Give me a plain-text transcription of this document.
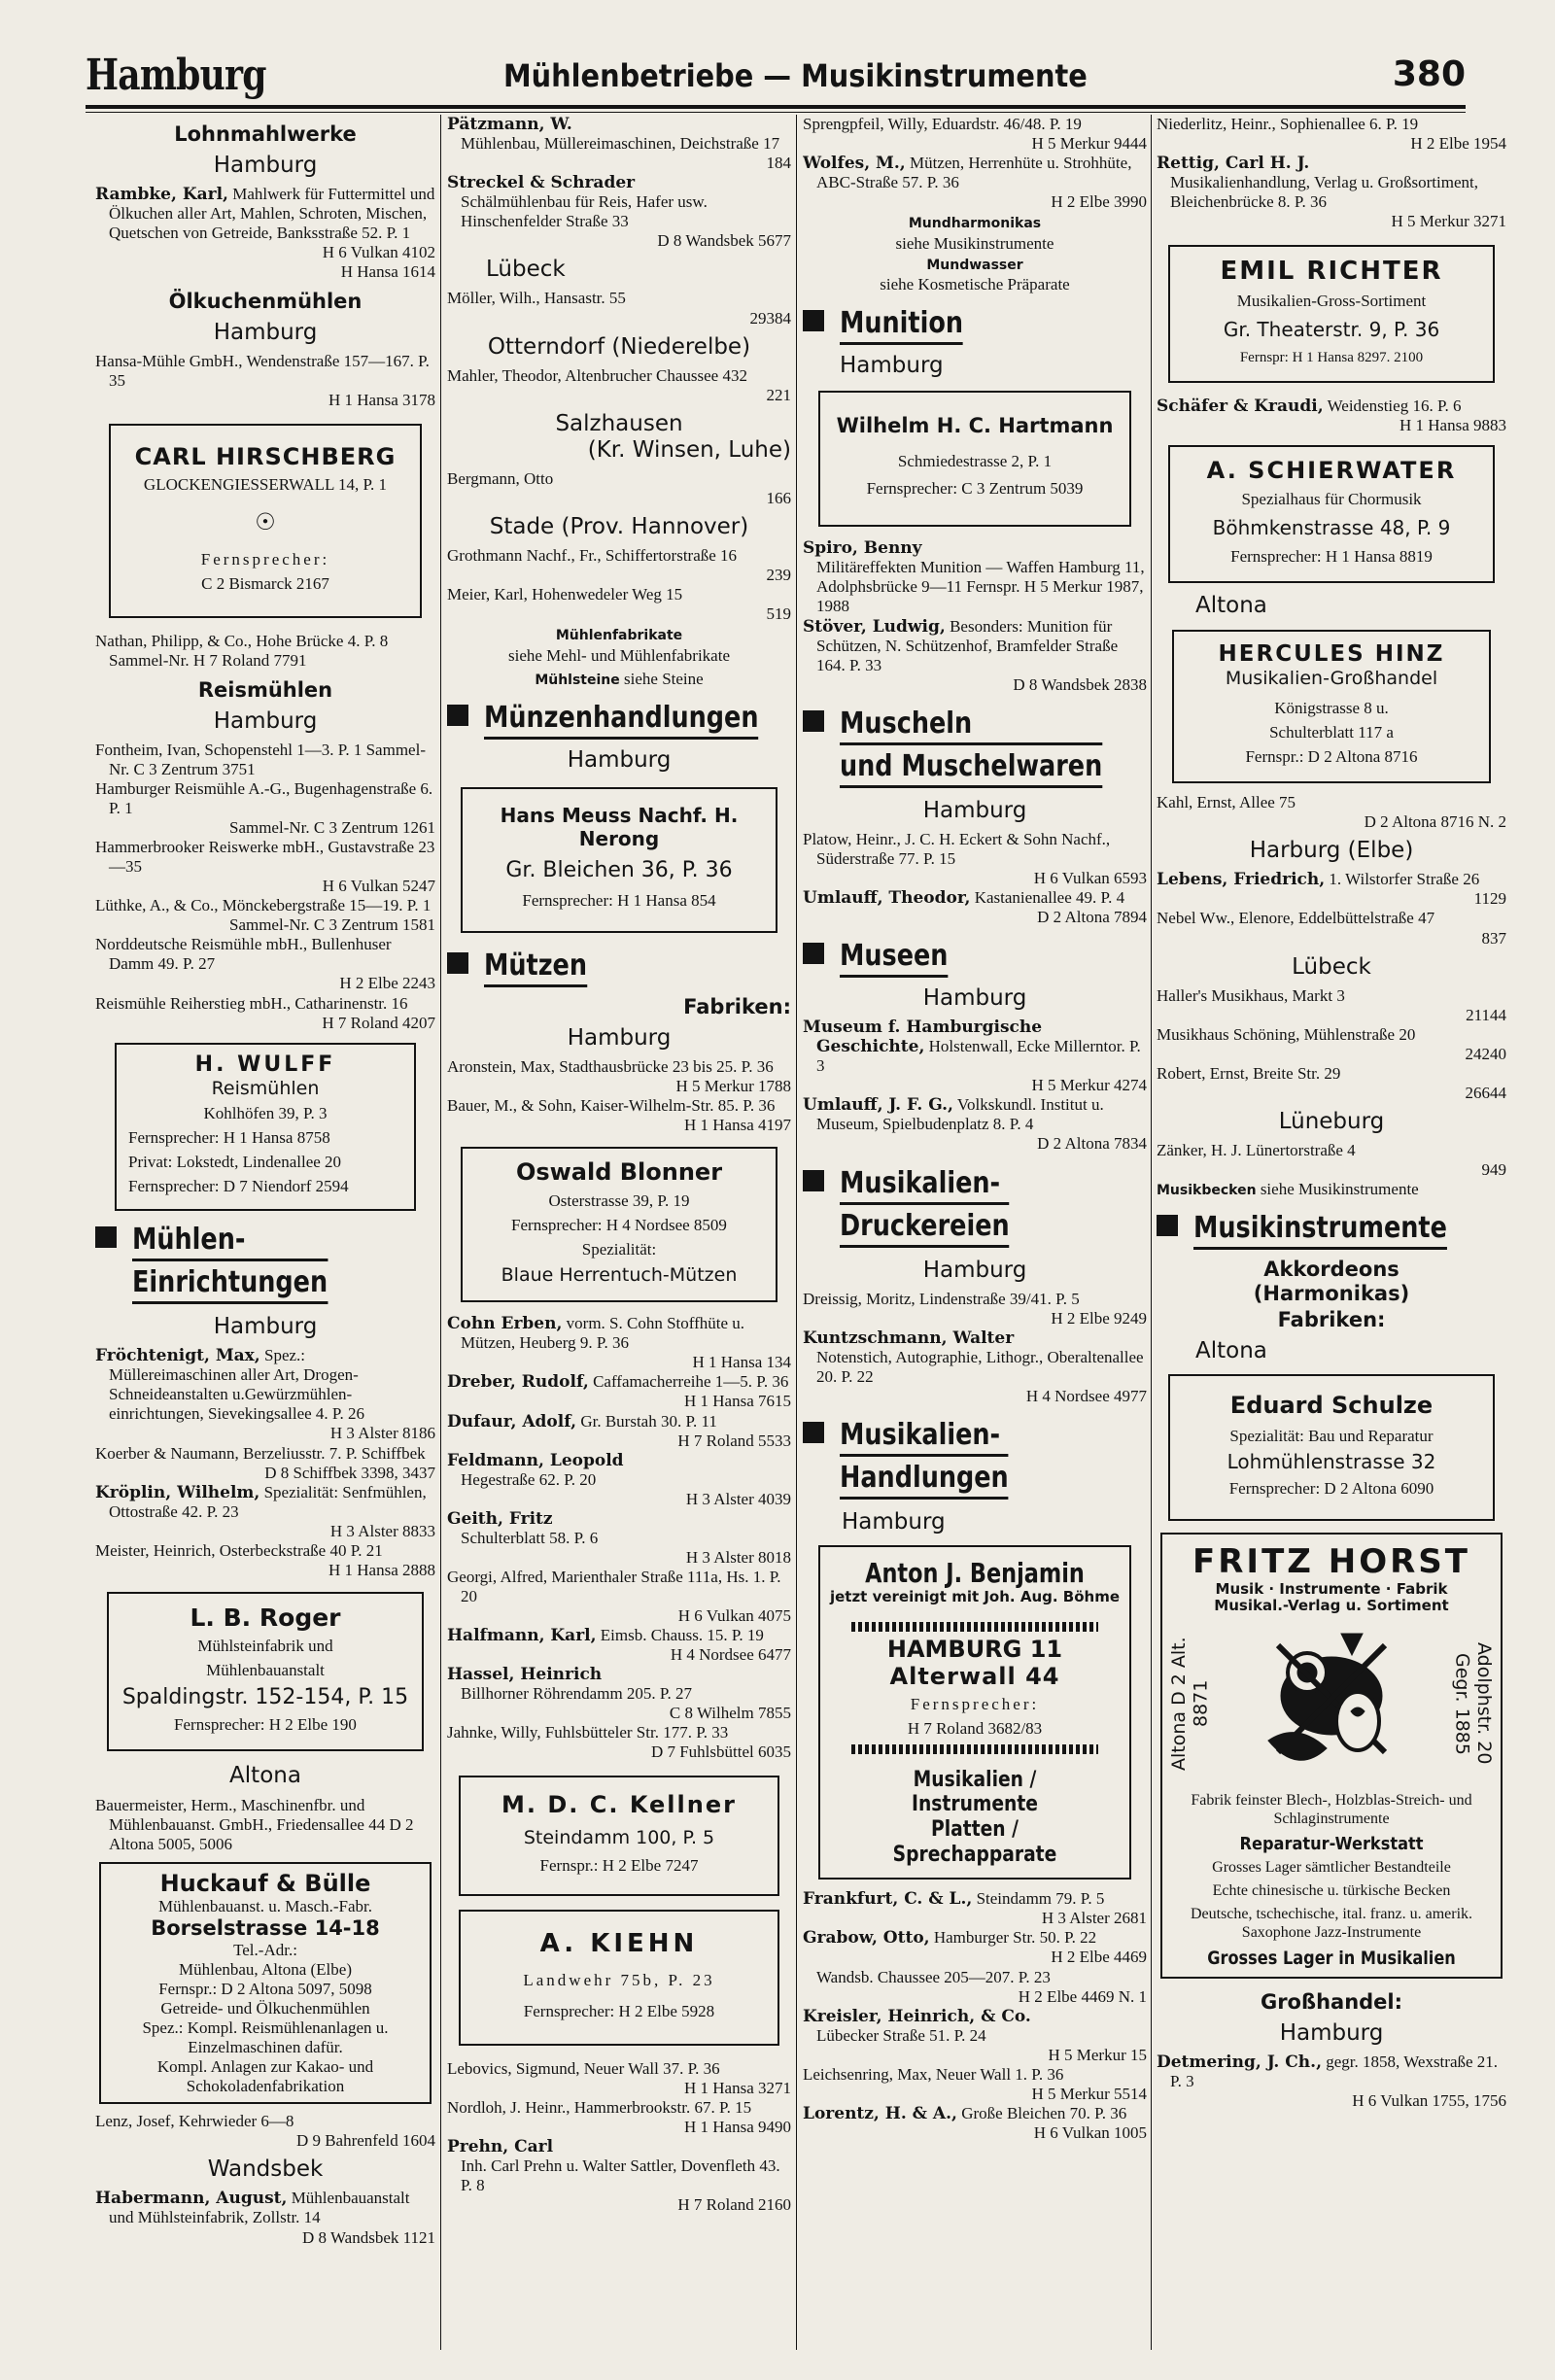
Hamburg	Mühlenbetriebe — Musikinstrumente	380
Lohnmahlwerke
Hamburg

Rambke, Karl, Mahlwerk für Futtermittel und Ölkuchen aller Art, Mahlen, Schroten, Mischen, Quetschen von Getreide, Banksstraße 52. P. 1
H 6 Vulkan 4102
H Hansa 1614

Ölkuchenmühlen
Hamburg

Hansa-Mühle GmbH., Wendenstraße 157—167. P. 35
H 1 Hansa 3178

CARL HIRSCHBERG
GLOCKENGIESSERWALL 14, P. 1
☉
Fernsprecher:
C 2 Bismarck 2167

Nathan, Philipp, & Co., Hohe Brücke 4. P. 8 Sammel-Nr. H 7 Roland 7791

Reismühlen
Hamburg

Fontheim, Ivan, Schopenstehl 1—3. P. 1 Sammel-Nr. C 3 Zentrum 3751

Hamburger Reismühle A.-G., Bugenhagenstraße 6. P. 1
Sammel-Nr. C 3 Zentrum 1261

Hammerbrooker Reiswerke mbH., Gustavstraße 23—35
H 6 Vulkan 5247

Lüthke, A., & Co., Mönckebergstraße 15—19. P. 1
Sammel-Nr. C 3 Zentrum 1581

Norddeutsche Reismühle mbH., Bullenhuser Damm 49. P. 27
H 2 Elbe 2243

Reismühle Reiherstieg mbH., Catharinenstr. 16
H 7 Roland 4207

H. WULFF
Reismühlen
Kohlhöfen 39, P. 3
Fernsprecher: H 1 Hansa 8758
Privat: Lokstedt, Lindenallee 20
Fernsprecher: D 7 Niendorf 2594
Mühlen-
Einrichtungen
Hamburg

Fröchtenigt, Max, Spez.: Müllereimaschinen aller Art, Drogen-Schneideanstalten u.Gewürzmühlen-einrichtungen, Sievekingsallee 4. P. 26
H 3 Alster 8186

Koerber & Naumann, Berzeliusstr. 7. P. Schiffbek
D 8 Schiffbek 3398, 3437

Kröplin, Wilhelm, Spezialität: Senfmühlen, Ottostraße 42. P. 23
H 3 Alster 8833

Meister, Heinrich, Osterbeckstraße 40 P. 21
H 1 Hansa 2888

L. B. Roger
Mühlsteinfabrik und
Mühlenbauanstalt
Spaldingstr. 152-154, P. 15
Fernsprecher: H 2 Elbe 190
Altona

Bauermeister, Herm., Maschinenfbr. und Mühlenbauanst. GmbH., Friedensallee 44 D 2 Altona 5005, 5006

Huckauf & Bülle
Mühlenbauanst. u. Masch.-Fabr.
Borselstrasse 14-18
Tel.-Adr.:
Mühlenbau, Altona (Elbe)
Fernspr.: D 2 Altona 5097, 5098
Getreide- und Ölkuchenmühlen
Spez.: Kompl. Reismühlenanlagen u. Einzelmaschinen dafür.
Kompl. Anlagen zur Kakao- und Schokoladenfabrikation

Lenz, Josef, Kehrwieder 6—8
D 9 Bahrenfeld 1604

Wandsbek

Habermann, August, Mühlenbauanstalt und Mühlsteinfabrik, Zollstr. 14
D 8 Wandsbek 1121

Pätzmann, W.
Mühlenbau, Müllereimaschinen, Deichstraße 17
184

Streckel & Schrader
Schälmühlenbau für Reis, Hafer usw. Hinschenfelder Straße 33
D 8 Wandsbek 5677

Lübeck

Möller, Wilh., Hansastr. 55
29384

Otterndorf (Niederelbe)

Mahler, Theodor, Altenbrucher Chaussee 432
221

Salzhausen
(Kr. Winsen, Luhe)

Bergmann, Otto
166

Stade (Prov. Hannover)

Grothmann Nachf., Fr., Schiffertorstraße 16
239

Meier, Karl, Hohenwedeler Weg 15
519

Mühlenfabrikate
siehe Mehl- und Mühlenfabrikate
Mühlsteine siehe Steine
Münzenhandlungen
Hamburg
Hans Meuss Nachf. H. Nerong
Gr. Bleichen 36, P. 36
Fernsprecher: H 1 Hansa 854
Mützen
Fabriken:
Hamburg

Aronstein, Max, Stadthausbrücke 23 bis 25. P. 36
H 5 Merkur 1788

Bauer, M., & Sohn, Kaiser-Wilhelm-Str. 85. P. 36
H 1 Hansa 4197

Oswald Blonner
Osterstrasse 39, P. 19
Fernsprecher: H 4 Nordsee 8509
Spezialität:
Blaue Herrentuch-Mützen

Cohn Erben, vorm. S. Cohn Stoffhüte u. Mützen, Heuberg 9. P. 36
H 1 Hansa 134

Dreber, Rudolf, Caffamacherreihe 1—5. P. 36
H 1 Hansa 7615

Dufaur, Adolf, Gr. Burstah 30. P. 11
H 7 Roland 5533

Feldmann, Leopold
Hegestraße 62. P. 20
H 3 Alster 4039

Geith, Fritz
Schulterblatt 58. P. 6
H 3 Alster 8018

Georgi, Alfred, Marienthaler Straße 111a, Hs. 1. P. 20
H 6 Vulkan 4075

Halfmann, Karl, Eimsb. Chauss. 15. P. 19
H 4 Nordsee 6477

Hassel, Heinrich
Billhorner Röhrendamm 205. P. 27
C 8 Wilhelm 7855

Jahnke, Willy, Fuhlsbütteler Str. 177. P. 33
D 7 Fuhlsbüttel 6035

M. D. C. Kellner
Steindamm 100, P. 5
Fernspr.: H 2 Elbe 7247
A. KIEHN
Landwehr 75b, P. 23
Fernsprecher: H 2 Elbe 5928

Lebovics, Sigmund, Neuer Wall 37. P. 36
H 1 Hansa 3271

Nordloh, J. Heinr., Hammerbrookstr. 67. P. 15
H 1 Hansa 9490

Prehn, Carl
Inh. Carl Prehn u. Walter Sattler, Dovenfleth 43. P. 8
H 7 Roland 2160

Sprengpfeil, Willy, Eduardstr. 46/48. P. 19
H 5 Merkur 9444

Wolfes, M., Mützen, Herrenhüte u. Strohhüte, ABC-Straße 57. P. 36
H 2 Elbe 3990

Mundharmonikas
siehe Musikinstrumente
Mundwasser
siehe Kosmetische Präparate
Munition
Hamburg
Wilhelm H. C. Hartmann
Schmiedestrasse 2, P. 1
Fernsprecher: C 3 Zentrum 5039

Spiro, Benny
Militäreffekten Munition — Waffen Hamburg 11, Adolphsbrücke 9—11 Fernspr. H 5 Merkur 1987, 1988

Stöver, Ludwig, Besonders: Munition für Schützen, N. Schützenhof, Bramfelder Straße 164. P. 33
D 8 Wandsbek 2838

Muscheln
und Muschelwaren
Hamburg

Platow, Heinr., J. C. H. Eckert & Sohn Nachf., Süderstraße 77. P. 15
H 6 Vulkan 6593

Umlauff, Theodor, Kastanienallee 49. P. 4
D 2 Altona 7894

Museen
Hamburg

Museum f. Hamburgische Geschichte, Holstenwall, Ecke Millerntor. P. 3
H 5 Merkur 4274

Umlauff, J. F. G., Volkskundl. Institut u. Museum, Spielbudenplatz 8. P. 4
D 2 Altona 7834

Musikalien-
Druckereien
Hamburg

Dreissig, Moritz, Lindenstraße 39/41. P. 5
H 2 Elbe 9249

Kuntzschmann, Walter
Notenstich, Autographie, Lithogr., Oberaltenallee 20. P. 22
H 4 Nordsee 4977

Musikalien-
Handlungen
Hamburg
Anton J. Benjamin
jetzt vereinigt mit Joh. Aug. Böhme
HAMBURG 11
Alterwall 44
Fernsprecher:
H 7 Roland 3682/83
Musikalien / Instrumente
Platten / Sprechapparate

Frankfurt, C. & L., Steindamm 79. P. 5
H 3 Alster 2681

Grabow, Otto, Hamburger Str. 50. P. 22
H 2 Elbe 4469
Wandsb. Chaussee 205—207. P. 23
H 2 Elbe 4469 N. 1

Kreisler, Heinrich, & Co.
Lübecker Straße 51. P. 24
H 5 Merkur 15

Leichsenring, Max, Neuer Wall 1. P. 36
H 5 Merkur 5514

Lorentz, H. & A., Große Bleichen 70. P. 36
H 6 Vulkan 1005

Niederlitz, Heinr., Sophienallee 6. P. 19
H 2 Elbe 1954

Rettig, Carl H. J.
Musikalienhandlung, Verlag u. Großsortiment, Bleichenbrücke 8. P. 36
H 5 Merkur 3271

EMIL RICHTER
Musikalien-Gross-Sortiment
Gr. Theaterstr. 9, P. 36
Fernspr: H 1 Hansa 8297. 2100

Schäfer & Kraudi, Weidenstieg 16. P. 6
H 1 Hansa 9883

A. SCHIERWATER
Spezialhaus für Chormusik
Böhmkenstrasse 48, P. 9
Fernsprecher: H 1 Hansa 8819
Altona
HERCULES HINZ
Musikalien-Großhandel
Königstrasse 8 u.
Schulterblatt 117 a
Fernspr.: D 2 Altona 8716

Kahl, Ernst, Allee 75
D 2 Altona 8716 N. 2

Harburg (Elbe)

Lebens, Friedrich, 1. Wilstorfer Straße 26
1129

Nebel Ww., Elenore, Eddelbüttelstraße 47
837

Lübeck

Haller's Musikhaus, Markt 3
21144

Musikhaus Schöning, Mühlenstraße 20
24240

Robert, Ernst, Breite Str. 29
26644

Lüneburg

Zänker, H. J. Lünertorstraße 4
949

Musikbecken siehe Musikinstrumente
Musikinstrumente
Akkordeons
(Harmonikas)
Fabriken:
Altona
Eduard Schulze
Spezialität: Bau und Reparatur
Lohmühlenstrasse 32
Fernsprecher: D 2 Altona 6090
FRITZ HORST
Musik · Instrumente · Fabrik
Musikal.-Verlag u. Sortiment
Altona D 2 Alt. 8871	Adolphstr. 20 Gegr. 1885
Fabrik feinster Blech-, Holzblas-Streich- und Schlaginstrumente
Reparatur-Werkstatt
Grosses Lager sämtlicher Bestandteile
Echte chinesische u. türkische Becken
Deutsche, tschechische, ital. franz. u. amerik. Saxophone Jazz-Instrumente
Grosses Lager in Musikalien
Großhandel:
Hamburg

Detmering, J. Ch., gegr. 1858, Wexstraße 21. P. 3
H 6 Vulkan 1755, 1756
